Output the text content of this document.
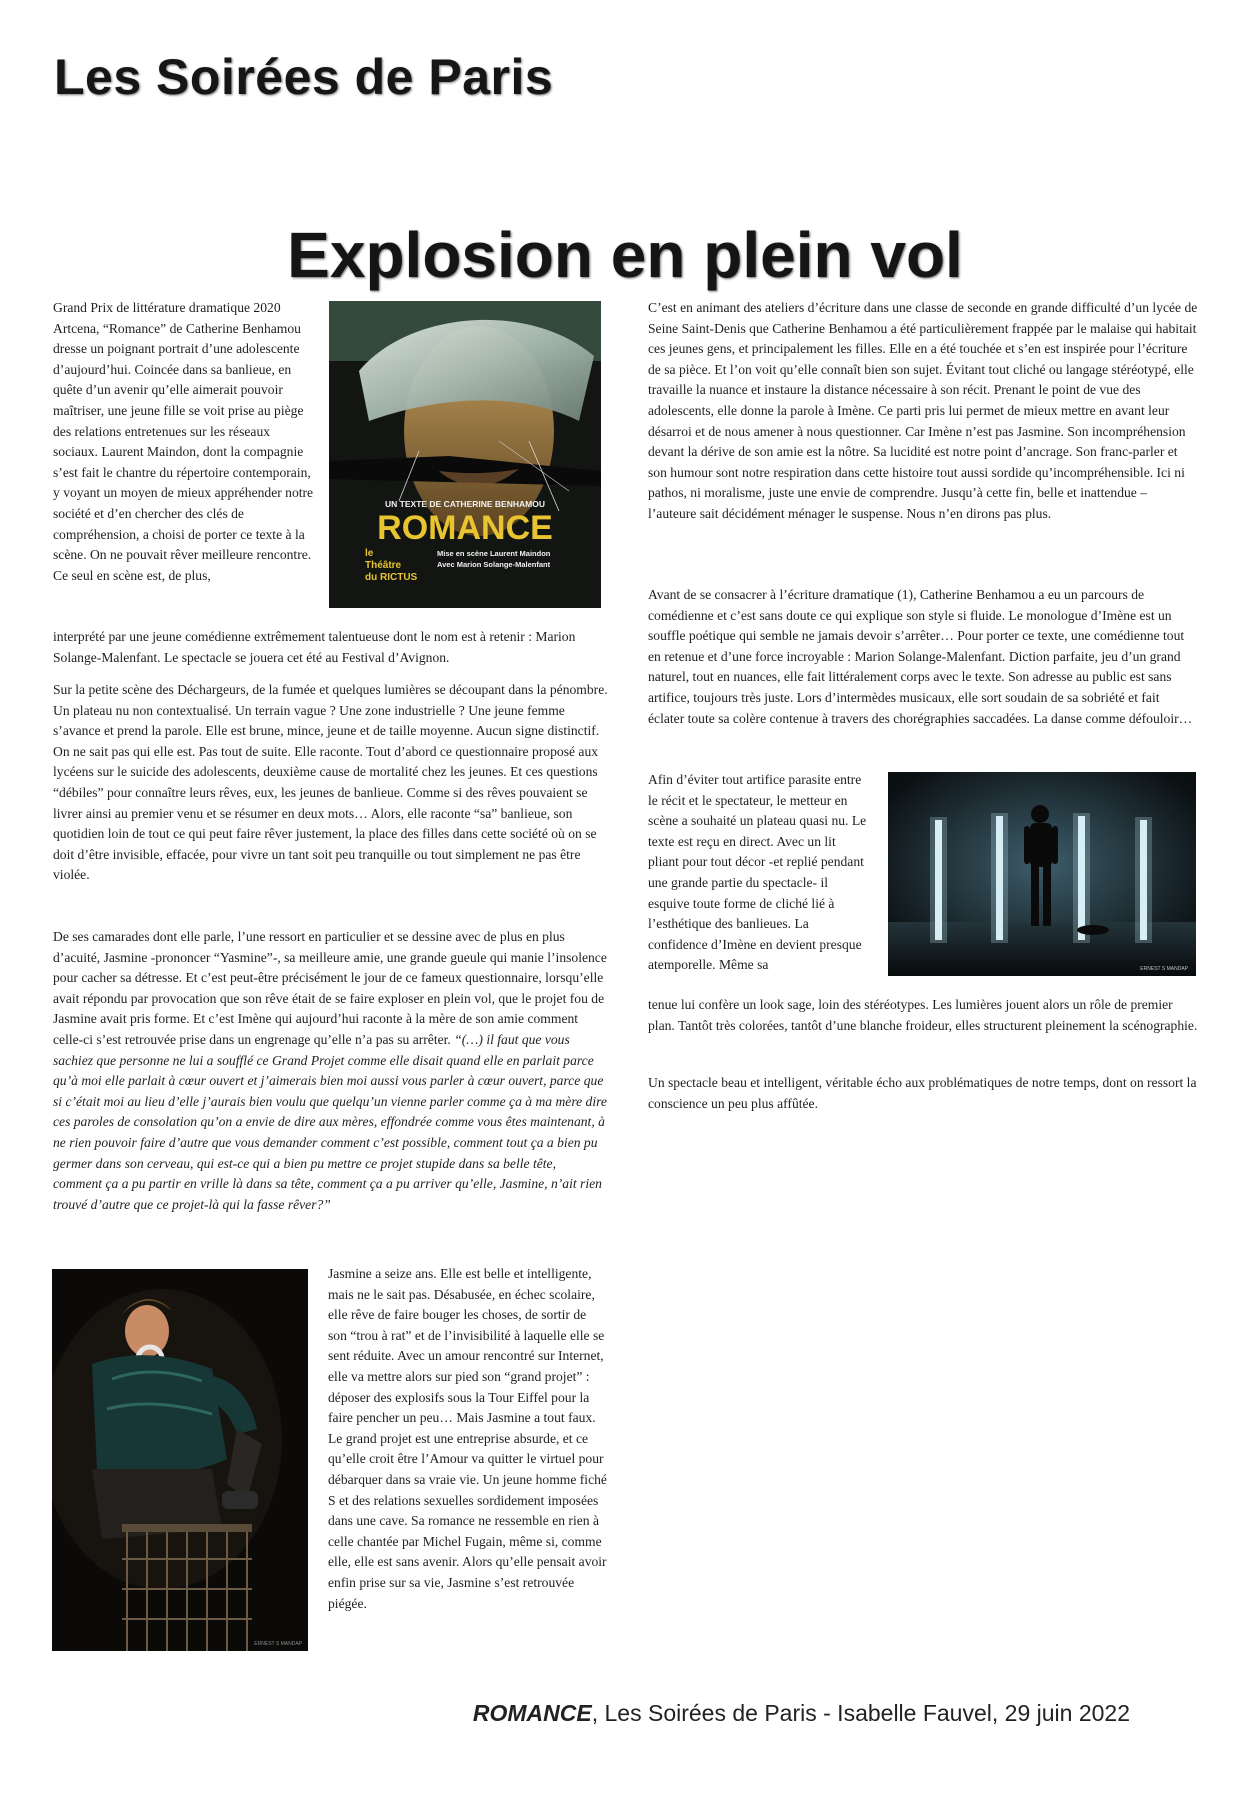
Les Soirées de Paris
Explosion en plein vol
UN TEXTE DE CATHERINE BENHAMOU
ROMANCE
le
Théâtre
du RICTUS
Mise en scène Laurent Maindon
Avec Marion Solange-Malenfant
ERNEST S MANDAP
ERNEST S MANDAP

Grand Prix de littérature dramatique 2020 Artcena, “Romance” de Catherine Benhamou dresse un poignant portrait d’une adolescente d’aujourd’hui. Coincée dans sa banlieue, en quête d’un avenir qu’elle aimerait pouvoir maîtriser, une jeune fille se voit prise au piège des relations entretenues sur les réseaux sociaux. Laurent Maindon, dont la compagnie s’est fait le chantre du répertoire contemporain, y voyant un moyen de mieux appréhender notre société et d’en chercher des clés de compréhension, a choisi de porter ce texte à la scène. On ne pouvait rêver meilleure rencontre. Ce seul en scène est, de plus,

interprété par une jeune comédienne extrêmement talentueuse dont le nom est à retenir : Marion Solange-Malenfant. Le spectacle se jouera cet été au Festival d’Avignon.

Sur la petite scène des Déchargeurs, de la fumée et quelques lumières se découpant dans la pénombre. Un plateau nu non contextualisé. Un terrain vague ? Une zone industrielle ? Une jeune femme s’avance et prend la parole. Elle est brune, mince, jeune et de taille moyenne. Aucun signe distinctif. On ne sait pas qui elle est. Pas tout de suite. Elle raconte. Tout d’abord ce questionnaire proposé aux lycéens sur le suicide des adolescents, deuxième cause de mortalité chez les jeunes. Et ces questions “débiles” pour connaître leurs rêves, eux, les jeunes de banlieue. Comme si des rêves pouvaient se livrer ainsi au premier venu et se résumer en deux mots… Alors, elle raconte “sa” banlieue, son quotidien loin de tout ce qui peut faire rêver justement, la place des filles dans cette société où on se doit d’être invisible, effacée, pour vivre un tant soit peu tranquille ou tout simplement ne pas être violée.

De ses camarades dont elle parle, l’une ressort en particulier et se dessine avec de plus en plus d’acuité, Jasmine -prononcer “Yasmine”-, sa meilleure amie, une grande gueule qui manie l’insolence pour cacher sa détresse. Et c’est peut-être précisément le jour de ce fameux questionnaire, lorsqu’elle avait répondu par provocation que son rêve était de se faire exploser en plein vol, que le projet fou de Jasmine avait pris forme. Et c’est Imène qui aujourd’hui raconte à la mère de son amie comment celle-ci s’est retrouvée prise dans un engrenage qu’elle n’a pas su arrêter. “(…) il faut que vous sachiez que personne ne lui a soufflé ce Grand Projet comme elle disait quand elle en parlait parce qu’à moi elle parlait à cœur ouvert et j’aimerais bien moi aussi vous parler à cœur ouvert, parce que si c’était moi au lieu d’elle j’aurais bien voulu que quelqu’un vienne parler comme ça à ma mère dire ces paroles de consolation qu’on a envie de dire aux mères, effondrée comme vous êtes maintenant, à ne rien pouvoir faire d’autre que vous demander comment c’est possible, comment tout ça a bien pu germer dans son cerveau, qui est-ce qui a bien pu mettre ce projet stupide dans sa belle tête, comment ça a pu partir en vrille là dans sa tête, comment ça a pu arriver qu’elle, Jasmine, n’ait rien trouvé d’autre que ce projet-là qui la fasse rêver?”

Jasmine a seize ans. Elle est belle et intelligente, mais ne le sait pas. Désabusée, en échec scolaire, elle rêve de faire bouger les choses, de sortir de son “trou à rat” et de l’invisibilité à laquelle elle se sent réduite. Avec un amour rencontré sur Internet, elle va mettre alors sur pied son “grand projet” : déposer des explosifs sous la Tour Eiffel pour la faire pencher un peu… Mais Jasmine a tout faux. Le grand projet est une entreprise absurde, et ce qu’elle croit être l’Amour va quitter le virtuel pour débarquer dans sa vraie vie. Un jeune homme fiché S et des relations sexuelles sordidement imposées dans une cave. Sa romance ne ressemble en rien à celle chantée par Michel Fugain, même si, comme elle, elle est sans avenir. Alors qu’elle pensait avoir enfin prise sur sa vie, Jasmine s’est retrouvée piégée.

C’est en animant des ateliers d’écriture dans une classe de seconde en grande difficulté d’un lycée de Seine Saint-Denis que Catherine Benhamou a été particulièrement frappée par le malaise qui habitait ces jeunes gens, et principalement les filles. Elle en a été touchée et s’en est inspirée pour l’écriture de sa pièce. Et l’on voit qu’elle connaît bien son sujet. Évitant tout cliché ou langage stéréotypé, elle travaille la nuance et instaure la distance nécessaire à son récit. Prenant le point de vue des adolescents, elle donne la parole à Imène. Ce parti pris lui permet de mieux mettre en avant leur désarroi et de nous amener à nous questionner. Car Imène n’est pas Jasmine. Son incompréhension devant la dérive de son amie est la nôtre. Sa lucidité est notre point d’ancrage. Son franc-parler et son humour sont notre respiration dans cette histoire tout aussi sordide qu’incompréhensible. Ici ni pathos, ni moralisme, juste une envie de comprendre. Jusqu’à cette fin, belle et inattendue – l’auteure sait décidément ménager le suspense. Nous n’en dirons pas plus.

Avant de se consacrer à l’écriture dramatique (1), Catherine Benhamou a eu un parcours de comédienne et c’est sans doute ce qui explique son style si fluide. Le monologue d’Imène est un souffle poétique qui semble ne jamais devoir s’arrêter… Pour porter ce texte, une comédienne tout en retenue et d’une force incroyable : Marion Solange-Malenfant. Diction parfaite, jeu d’un grand naturel, tout en nuances, elle fait littéralement corps avec le texte. Son adresse au public est sans artifice, toujours très juste. Lors d’intermèdes musicaux, elle sort soudain de sa sobriété et fait éclater toute sa colère contenue à travers des chorégraphies saccadées. La danse comme défouloir…

Afin d’éviter tout artifice parasite entre le récit et le spectateur, le metteur en scène a souhaité un plateau quasi nu. Le texte est reçu en direct. Avec un lit pliant pour tout décor -et replié pendant une grande partie du spectacle- il esquive toute forme de cliché lié à l’esthétique des banlieues. La confidence d’Imène en devient presque atemporelle. Même sa

tenue lui confère un look sage, loin des stéréotypes. Les lumières jouent alors un rôle de premier plan. Tantôt très colorées, tantôt d’une blanche froideur, elles structurent pleinement la scénographie.

Un spectacle beau et intelligent, véritable écho aux problématiques de notre temps, dont on ressort la conscience un peu plus affûtée.

ROMANCE, Les Soirées de Paris - Isabelle Fauvel, 29 juin 2022
